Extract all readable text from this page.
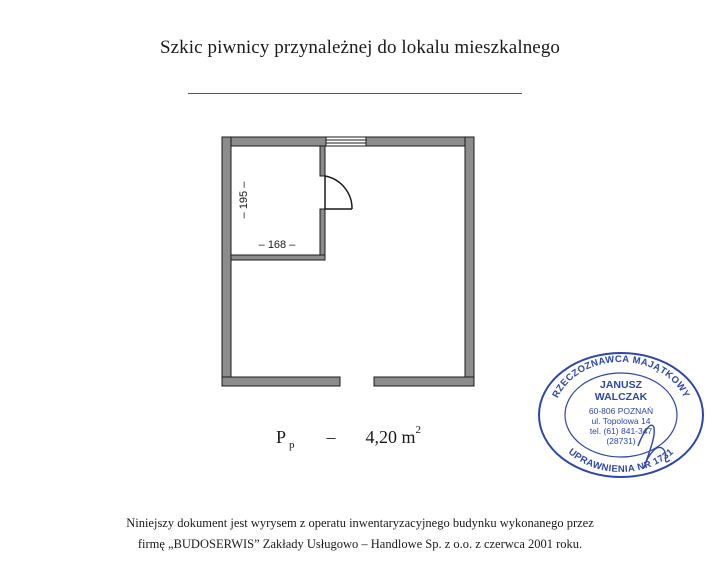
Szkic piwnicy przynależnej do lokalu mieszkalnego
– 195 –
– 168 –
P $_p$ – 4,20 $m^2$
RZECZOZNAWCA MAJĄTKOWY
UPRAWNIENIA NR 1731
JANUSZ
WALCZAK
60-806 POZNAŃ
ul. Topolowa 14
tel. (61) 841-347
(28731)
Niniejszy dokument jest wyrysem z operatu inwentaryzacyjnego budynku wykonanego przez
firmę „BUDOSERWIS” Zakłady Usługowo – Handlowe Sp. z o.o. z czerwca 2001 roku.
